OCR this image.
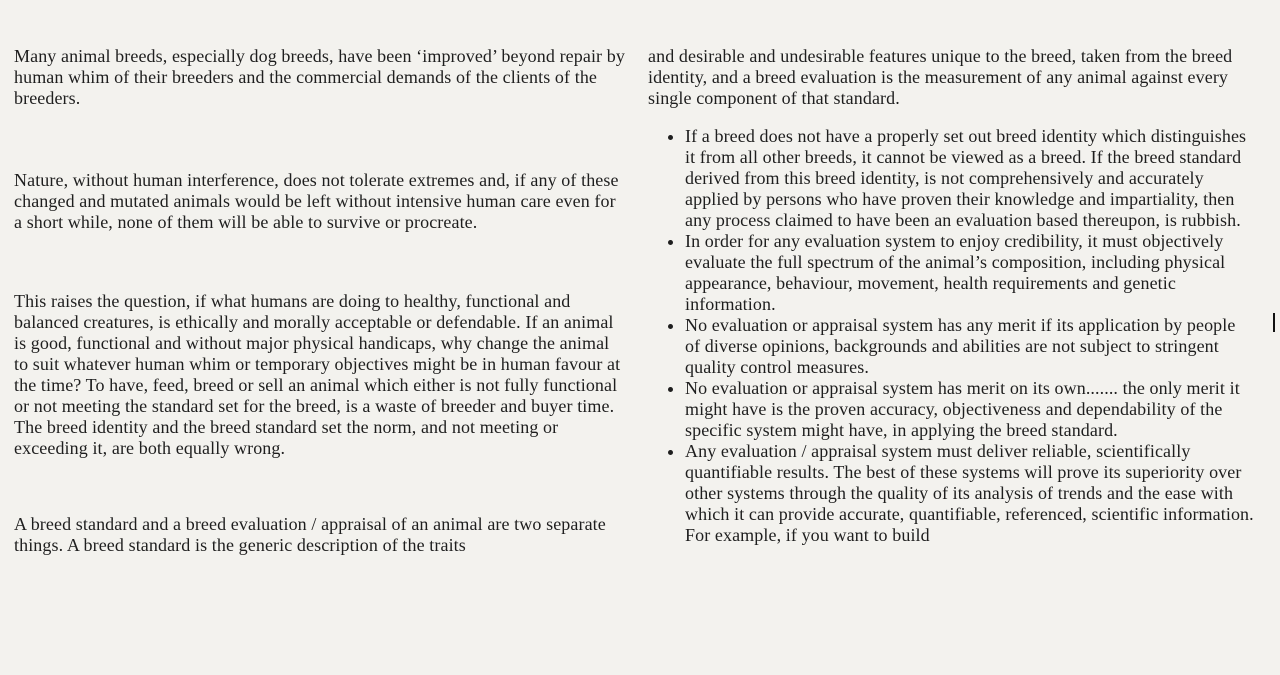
Many animal breeds, especially dog breeds, have been ‘improved’ beyond repair by human whim of their breeders and the commercial demands of the clients of the breeders.

Nature, without human interference, does not tolerate extremes and, if any of these changed and mutated animals would be left without intensive human care even for a short while, none of them will be able to survive or procreate.

This raises the question, if what humans are doing to healthy, functional and balanced creatures, is ethically and morally acceptable or defendable. If an animal is good, functional and without major physical handicaps, why change the animal to suit whatever human whim or temporary objectives might be in human favour at the time? To have, feed, breed or sell an animal which either is not fully functional or not meeting the standard set for the breed, is a waste of breeder and buyer time. The breed identity and the breed standard set the norm, and not meeting or exceeding it, are both equally wrong.

A breed standard and a breed evaluation / appraisal of an animal are two separate things. A breed standard is the generic description of the traits

and desirable and undesirable features unique to the breed, taken from the breed identity, and a breed evaluation is the measurement of any animal against every single component of that standard.

• If a breed does not have a properly set out breed identity which distinguishes it from all other breeds, it cannot be viewed as a breed. If the breed standard derived from this breed identity, is not comprehensively and accurately applied by persons who have proven their knowledge and impartiality, then any process claimed to have been an evaluation based thereupon, is rubbish.
• In order for any evaluation system to enjoy credibility, it must objectively evaluate the full spectrum of the animal’s composition, including physical appearance, behaviour, movement, health requirements and genetic information.
• No evaluation or appraisal system has any merit if its application by people of diverse opinions, backgrounds and abilities are not subject to stringent quality control measures.
• No evaluation or appraisal system has merit on its own....... the only merit it might have is the proven accuracy, objectiveness and dependability of the specific system might have, in applying the breed standard.
• Any evaluation / appraisal system must deliver reliable, scientifically quantifiable results. The best of these systems will prove its superiority over other systems through the quality of its analysis of trends and the ease with which it can provide accurate, quantifiable, referenced, scientific information. For example, if you want to build
